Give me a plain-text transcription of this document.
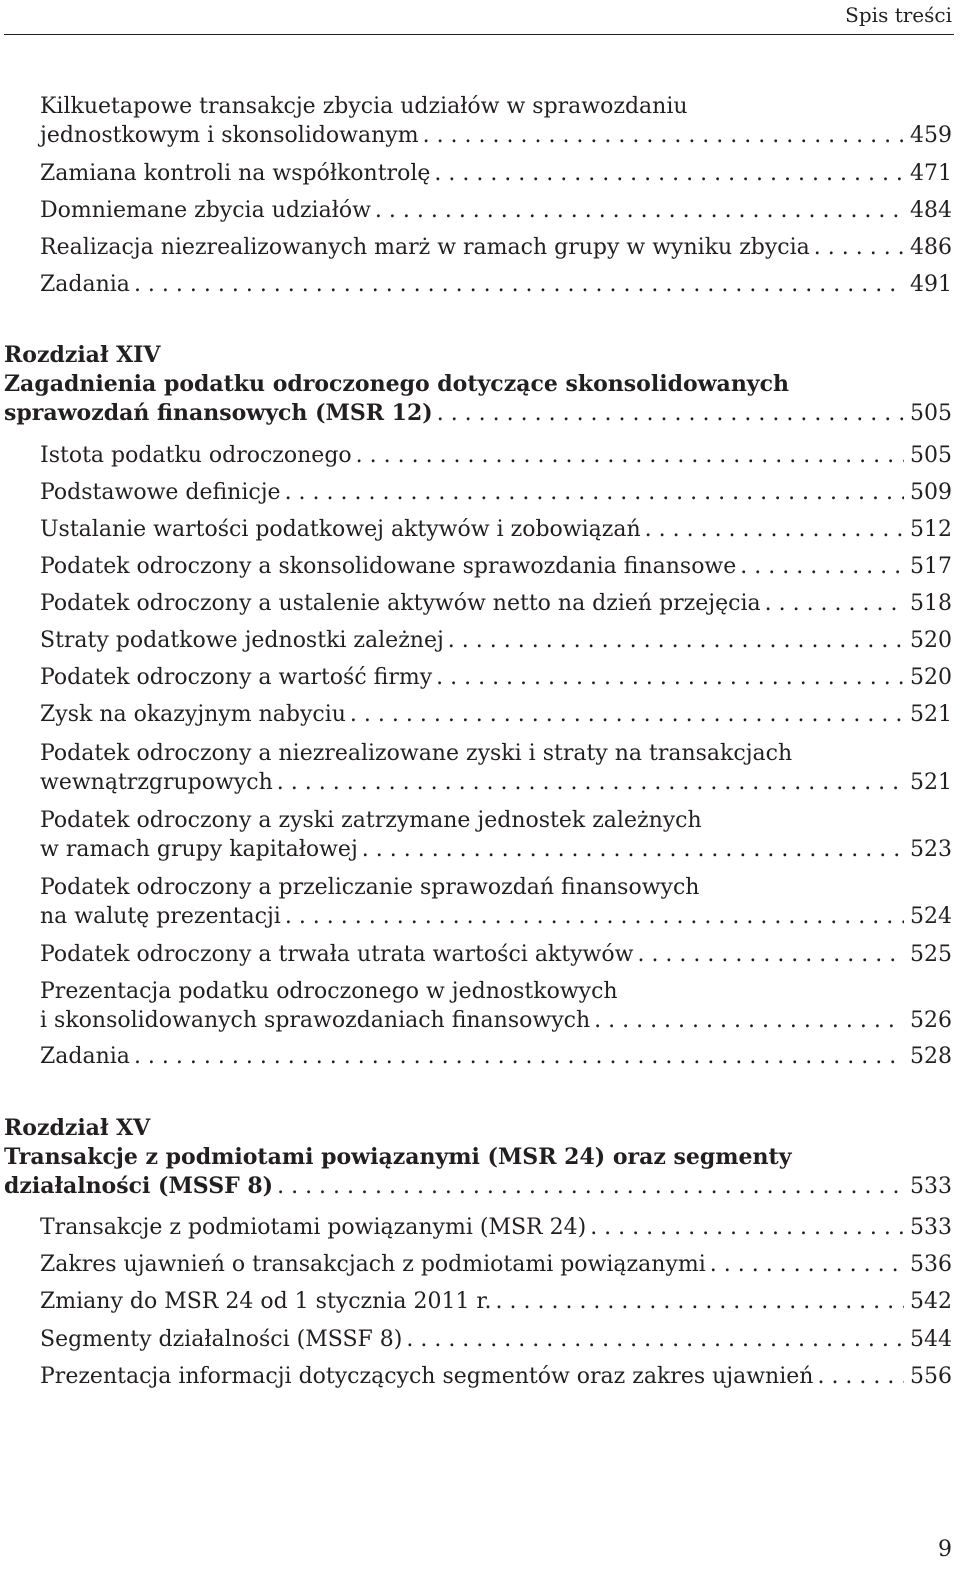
Spis treści
Kilkuetapowe transakcje zbycia udziałów w sprawozdaniu
jednostkowym i skonsolidowanym . . .	459
Zamiana kontroli na współkontrolę . . .	471
Domniemane zbycia udziałów . . .	484
Realizacja niezrealizowanych marż w ramach grupy w wyniku zbycia . . .	486
Zadania . . .	491
Rozdział XIV
Zagadnienia podatku odroczonego dotyczące skonsolidowanych
sprawozdań finansowych (MSR 12) . . .	505
Istota podatku odroczonego . . .	505
Podstawowe definicje . . .	509
Ustalanie wartości podatkowej aktywów i zobowiązań . . .	512
Podatek odroczony a skonsolidowane sprawozdania finansowe . . .	517
Podatek odroczony a ustalenie aktywów netto na dzień przejęcia . . .	518
Straty podatkowe jednostki zależnej . . .	520
Podatek odroczony a wartość firmy . . .	520
Zysk na okazyjnym nabyciu . . .	521
Podatek odroczony a niezrealizowane zyski i straty na transakcjach
wewnątrzgrupowych . . .	521
Podatek odroczony a zyski zatrzymane jednostek zależnych
w ramach grupy kapitałowej . . .	523
Podatek odroczony a przeliczanie sprawozdań finansowych
na walutę prezentacji . . .	524
Podatek odroczony a trwała utrata wartości aktywów . . .	525
Prezentacja podatku odroczonego w jednostkowych
i skonsolidowanych sprawozdaniach finansowych . . .	526
Zadania . . .	528
Rozdział XV
Transakcje z podmiotami powiązanymi (MSR 24) oraz segmenty
działalności (MSSF 8) . . .	533
Transakcje z podmiotami powiązanymi (MSR 24) . . .	533
Zakres ujawnień o transakcjach z podmiotami powiązanymi . . .	536
Zmiany do MSR 24 od 1 stycznia 2011 r. . . .	542
Segmenty działalności (MSSF 8) . . .	544
Prezentacja informacji dotyczących segmentów oraz zakres ujawnień . . .	556
9
